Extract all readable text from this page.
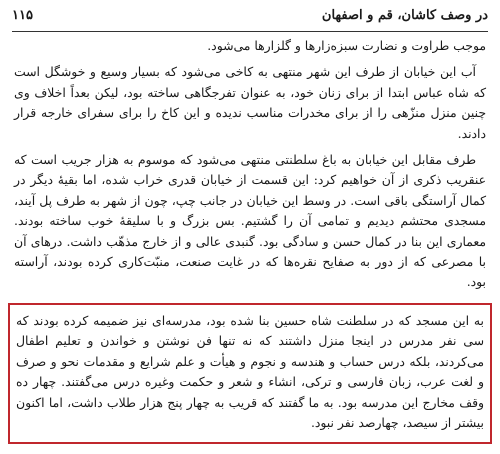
در وصف کاشان، قم و اصفهان
۱۱۵

موجب طراوت و نضارت سبزه‌زارها و گلزارها می‌شود.

آب این خیابان از طرف این شهر منتهی به کاخی می‌شود که بسیار وسیع و خوشگل است که شاه عباس ابتدا از برای زنان خود، به عنوان تفرجگاهی ساخته بود، لیکن بعداً اخلاف وی چنین منزل منزّهی را از برای مخدرات مناسب ندیده و این کاخ را برای سفرای خارجه قرار دادند.

طرف مقابل این خیابان به باغ سلطنتی منتهی می‌شود که موسوم به هزار جریب است که عنقریب ذکری از آن خواهیم کرد: این قسمت از خیابان قدری خراب شده، اما بقیهٔ دیگر در کمال آراستگی باقی است. در وسط این خیابان در جانب چپ، چون از شهر به طرف پل آیند، مسجدی محتشم دیدیم و تمامی آن را گشتیم. بس بزرگ و با سلیقهٔ خوب ساخته بودند. معماری این بنا در کمال حسن و سادگی بود. گنبدی عالی و از خارج مذهّب داشت. درهای آن با مصرعی که از دور به صفایح نقره‌ها که در غایت صنعت، منبّت‌کاری کرده بودند، آراسته بود.

به این مسجد که در سلطنت شاه حسین بنا شده بود، مدرسه‌ای نیز ضمیمه کرده بودند که سی نفر مدرس در اینجا منزل داشتند که نه تنها فن نوشتن و خواندن و تعلیم اطفال می‌کردند، بلکه درس حساب و هندسه و نجوم و هیأت و علم شرایع و مقدمات نحو و صرف و لغت عرب، زبان فارسی و ترکی، انشاء و شعر و حکمت وغیره درس می‌گفتند. چهار ده وقف مخارج این مدرسه بود. به ما گفتند که قریب به چهار پنج هزار طلاب داشت، اما اکنون بیشتر از سیصد، چهارصد نفر نبود.
